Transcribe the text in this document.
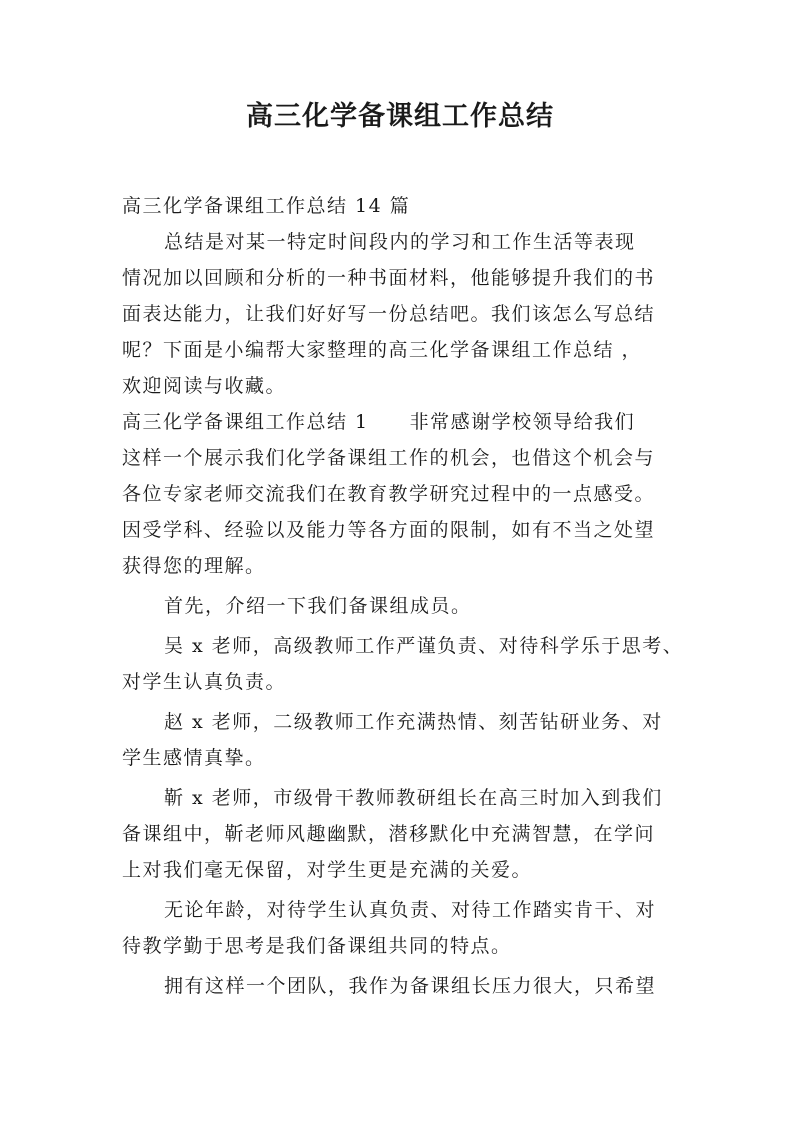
高三化学备课组工作总结
高三化学备课组工作总结 14 篇
总结是对某一特定时间段内的学习和工作生活等表现
情况加以回顾和分析的一种书面材料，他能够提升我们的书
面表达能力，让我们好好写一份总结吧。我们该怎么写总结
呢？下面是小编帮大家整理的高三化学备课组工作总结 ，
欢迎阅读与收藏。
高三化学备课组工作总结 1　　非常感谢学校领导给我们
这样一个展示我们化学备课组工作的机会，也借这个机会与
各位专家老师交流我们在教育教学研究过程中的一点感受。
因受学科、经验以及能力等各方面的限制，如有不当之处望
获得您的理解。
首先，介绍一下我们备课组成员。
吴 x 老师，高级教师工作严谨负责、对待科学乐于思考、
对学生认真负责。
赵 x 老师，二级教师工作充满热情、刻苦钻研业务、对
学生感情真挚。
靳 x 老师，市级骨干教师教研组长在高三时加入到我们
备课组中，靳老师风趣幽默，潜移默化中充满智慧，在学问
上对我们毫无保留，对学生更是充满的关爱。
无论年龄，对待学生认真负责、对待工作踏实肯干、对
待教学勤于思考是我们备课组共同的特点。
拥有这样一个团队，我作为备课组长压力很大，只希望
